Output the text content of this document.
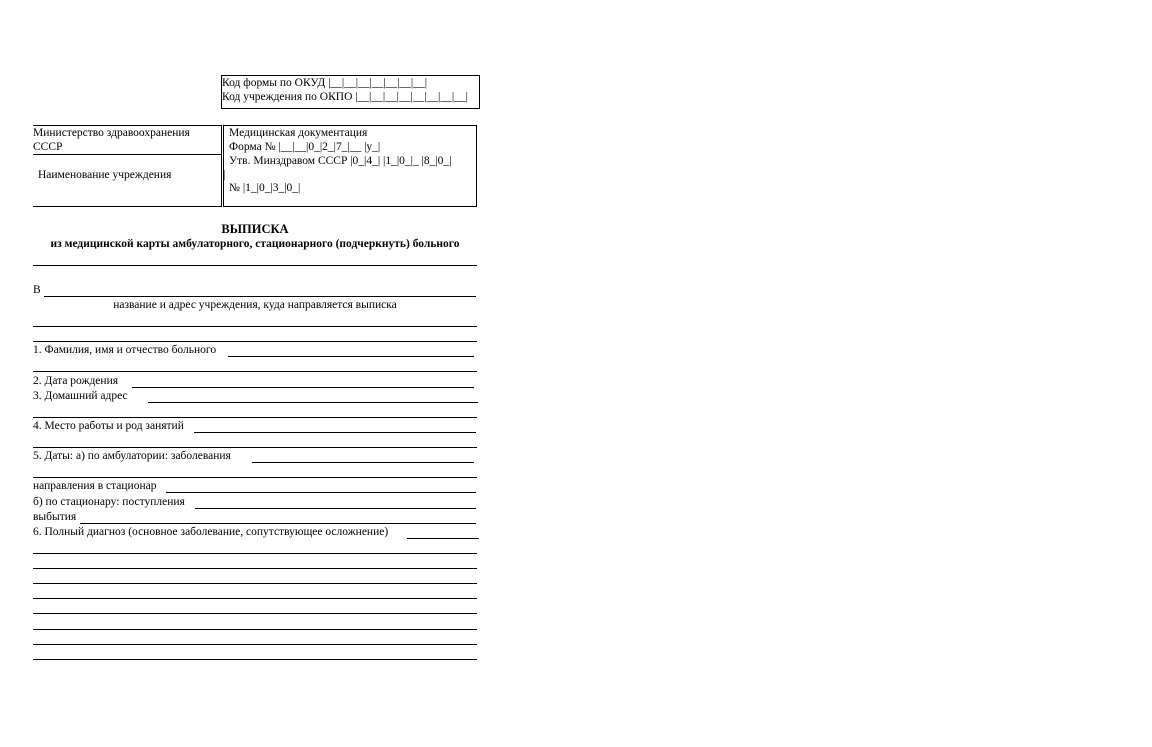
Код формы по ОКУД |__|__|__|__|__|__|__|
Код учреждения по ОКПО |__|__|__|__|__|__|__|__|
Министерство здравоохранения
СССР
Наименование учреждения
Медицинская документация
Форма № |__|__|0_|2_|7_|__ |у_|
Утв. Минздравом СССР |0_|4_| |1_|0_|_ |8_|0_|
|
№ |1_|0_|3_|0_|
ВЫПИСКА
из медицинской карты амбулаторного, стационарного (подчеркнуть) больного
В
название и адрес учреждения, куда направляется выписка
1. Фамилия, имя и отчество больного
2. Дата рождения
3. Домашний адрес
4. Место работы и род занятий
5. Даты: а) по амбулатории: заболевания
направления в стационар
б) по стационару: поступления
выбытия
6. Полный диагноз (основное заболевание, сопутствующее осложнение)
